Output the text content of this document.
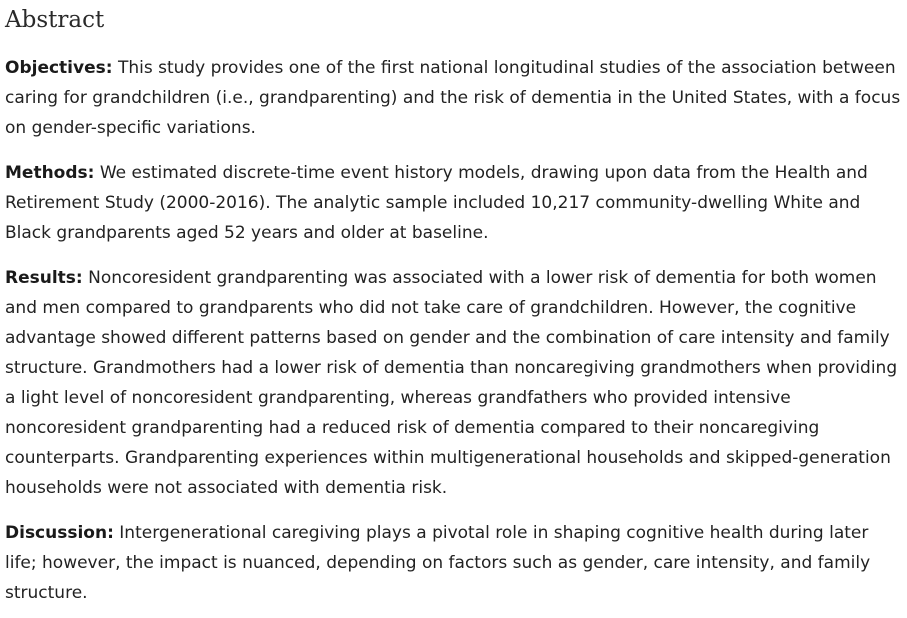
Abstract

Objectives: This study provides one of the first national longitudinal studies of the association between caring for grandchildren (i.e., grandparenting) and the risk of dementia in the United States, with a focus on gender-specific variations.

Methods: We estimated discrete-time event history models, drawing upon data from the Health and Retirement Study (2000-2016). The analytic sample included 10,217 community-dwelling White and Black grandparents aged 52 years and older at baseline.

Results: Noncoresident grandparenting was associated with a lower risk of dementia for both women and men compared to grandparents who did not take care of grandchildren. However, the cognitive advantage showed different patterns based on gender and the combination of care intensity and family structure. Grandmothers had a lower risk of dementia than noncaregiving grandmothers when providing a light level of noncoresident grandparenting, whereas grandfathers who provided intensive noncoresident grandparenting had a reduced risk of dementia compared to their noncaregiving counterparts. Grandparenting experiences within multigenerational households and skipped-generation households were not associated with dementia risk.

Discussion: Intergenerational caregiving plays a pivotal role in shaping cognitive health during later life; however, the impact is nuanced, depending on factors such as gender, care intensity, and family structure.
